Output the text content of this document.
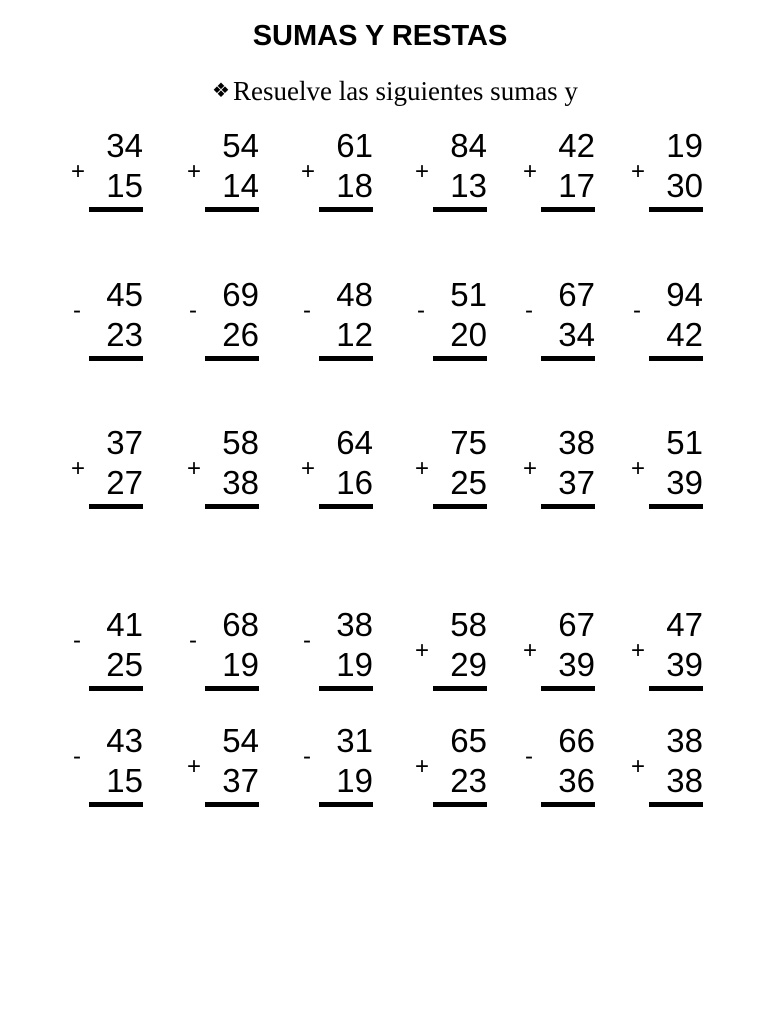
SUMAS Y RESTAS
❖ Resuelve las siguientes sumas y
34
+ 15
54
+ 14
61
+ 18
84
+ 13
42
+ 17
19
+ 30
45
-
23
69
-
26
48
-
12
51
-
20
67
-
34
94
-
42
37
+ 27
58
+ 38
64
+ 16
75
+ 25
38
+ 37
51
+ 39
41
-
25
68
-
19
38
-
19
58
+ 29
67
+ 39
47
+ 39
43
-
15
54
+ 37
31
-
19
65
+ 23
66
-
36
38
+ 38
